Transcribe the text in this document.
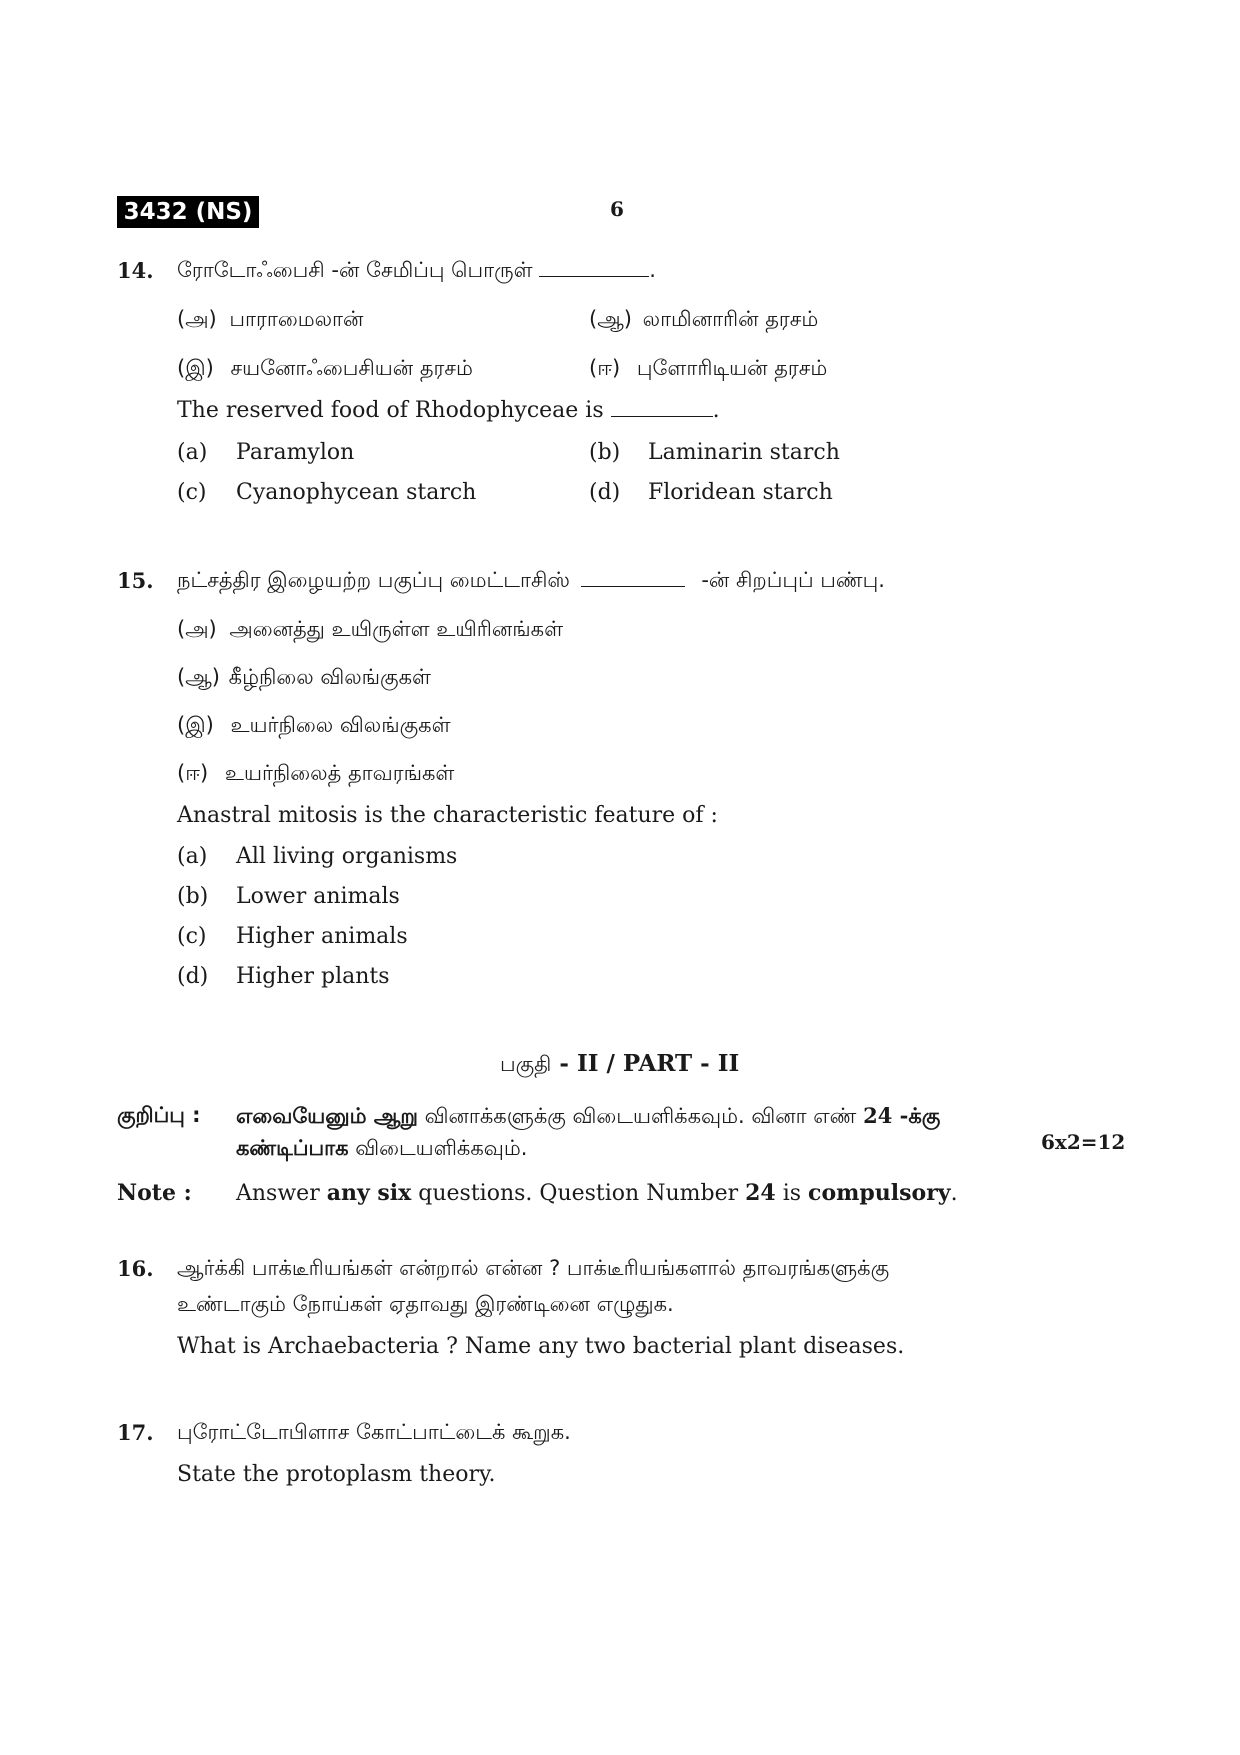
3432 (NS)	6
14. ரோடோஃபைசி -ன் சேமிப்பு பொருள்	.
(அ) பாராமைலான்	(ஆ) லாமினாரின் தரசம்
(இ) சயனோஃபைசியன் தரசம்	(ஈ) புளோரிடியன் தரசம்
The reserved food of Rhodophyceae is	.
(a) Paramylon	(b) Laminarin starch
(c) Cyanophycean starch	(d) Floridean starch
15. நட்சத்திர இழையற்ற பகுப்பு மைட்டாசிஸ்	-ன் சிறப்புப் பண்பு.
(அ) அனைத்து உயிருள்ள உயிரினங்கள்
(ஆ) கீழ்நிலை விலங்குகள்
(இ) உயர்நிலை விலங்குகள்
(ஈ) உயர்நிலைத் தாவரங்கள்
Anastral mitosis is the characteristic feature of :
(a) All living organisms
(b) Lower animals
(c) Higher animals
(d) Higher plants
பகுதி - II / PART - II
குறிப்பு : எவையேனும் ஆறு வினாக்களுக்கு விடையளிக்கவும். வினா எண் 24 -க்கு
கண்டிப்பாக விடையளிக்கவும்.	6x2=12
Note : Answer any six questions. Question Number 24 is compulsory.
16. ஆர்க்கி பாக்டீரியங்கள் என்றால் என்ன ? பாக்டீரியங்களால் தாவரங்களுக்கு
உண்டாகும் நோய்கள் ஏதாவது இரண்டினை எழுதுக.
What is Archaebacteria ? Name any two bacterial plant diseases.
17. புரோட்டோபிளாச கோட்பாட்டைக் கூறுக.
State the protoplasm theory.
